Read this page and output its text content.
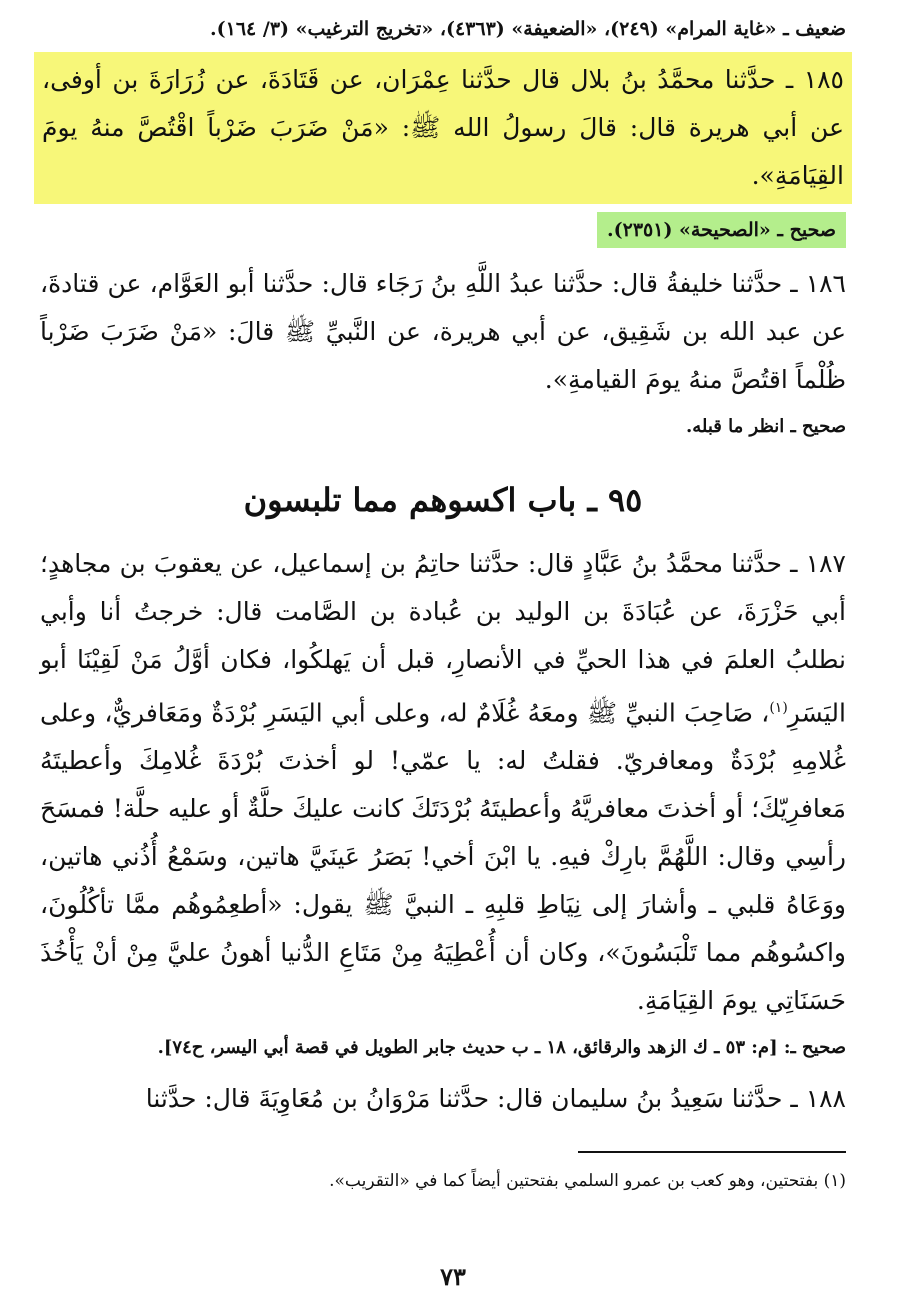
ضعيف ـ «غاية المرام» (٢٤٩)، «الضعيفة» (٤٣٦٣)، «تخريج الترغيب» (٣/ ١٦٤).

١٨٥ ـ حدَّثنا محمَّدُ بنُ بلال قال حدَّثنا عِمْرَان، عن قَتَادَةَ، عن زُرَارَةَ بن أوفى، عن أبي هريرة قال: قالَ رسولُ الله ﷺ: «مَنْ ضَرَبَ ضَرْباً اقْتُصَّ منهُ يومَ القِيَامَةِ».

صحيح ـ «الصحيحة» (٢٣٥١).

١٨٦ ـ حدَّثنا خليفةُ قال: حدَّثنا عبدُ اللَّهِ بنُ رَجَاء قال: حدَّثنا أبو العَوَّام، عن قتادةَ، عن عبد الله بن شَقِيق، عن أبي هريرة، عن النَّبيِّ ﷺ قالَ: «مَنْ ضَرَبَ ضَرْباً ظُلْماً اقتُصَّ منهُ يومَ القيامةِ».

صحيح ـ انظر ما قبله.

٩٥ ـ باب اكسوهم مما تلبسون

١٨٧ ـ حدَّثنا محمَّدُ بنُ عَبَّادٍ قال: حدَّثنا حاتِمُ بن إسماعيل، عن يعقوبَ بن مجاهدٍ؛ أبي حَزْرَةَ، عن عُبَادَةَ بن الوليد بن عُبادة بن الصَّامت قال: خرجتُ أنا وأبي نطلبُ العلمَ في هذا الحيِّ في الأنصارِ، قبل أن يَهلكُوا، فكان أوَّلُ مَنْ لَقِيْنَا أبو اليَسَرِ$^{(١)}$، صَاحِبَ النبيِّ ﷺ ومعَهُ غُلَامٌ له، وعلى أبي اليَسَرِ بُرْدَةٌ ومَعَافريٌّ، وعلى غُلامِهِ بُرْدَةٌ ومعافريّ. فقلتُ له: يا عمّي! لو أخذتَ بُرْدَةَ غُلامِكَ وأعطيتَهُ مَعافرِيّكَ؛ أو أخذتَ معافريَّهُ وأعطيتَهُ بُرْدَتَكَ كانت عليكَ حلَّةٌ أو عليه حلَّة! فمسَحَ رأسِي وقال: اللَّهُمَّ بارِكْ فيهِ. يا ابْنَ أخي! بَصَرُ عَينَيَّ هاتين، وسَمْعُ أُذُني هاتين، ووَعَاهُ قلبي ـ وأشارَ إلى نِيَاطِ قلبِهِ ـ النبيَّ ﷺ يقول: «أطعِمُوهُم ممَّا تأكُلُونَ، واكسُوهُم مما تَلْبَسُونَ»، وكان أن أُعْطِيَهُ مِنْ مَتَاعِ الدُّنيا أهونُ عليَّ مِنْ أنْ يَأْخُذَ حَسَنَاتِي يومَ القِيَامَةِ.

صحيح ـ: [م: ٥٣ ـ ك الزهد والرقائق، ١٨ ـ ب حديث جابر الطويل في قصة أبي اليسر، ح٧٤].

١٨٨ ـ حدَّثنا سَعِيدُ بنُ سليمان قال: حدَّثنا مَرْوَانُ بن مُعَاوِيَةَ قال: حدَّثنا

(١) بفتحتين، وهو كعب بن عمرو السلمي بفتحتين أيضاً كما في «التقريب».

٧٣
